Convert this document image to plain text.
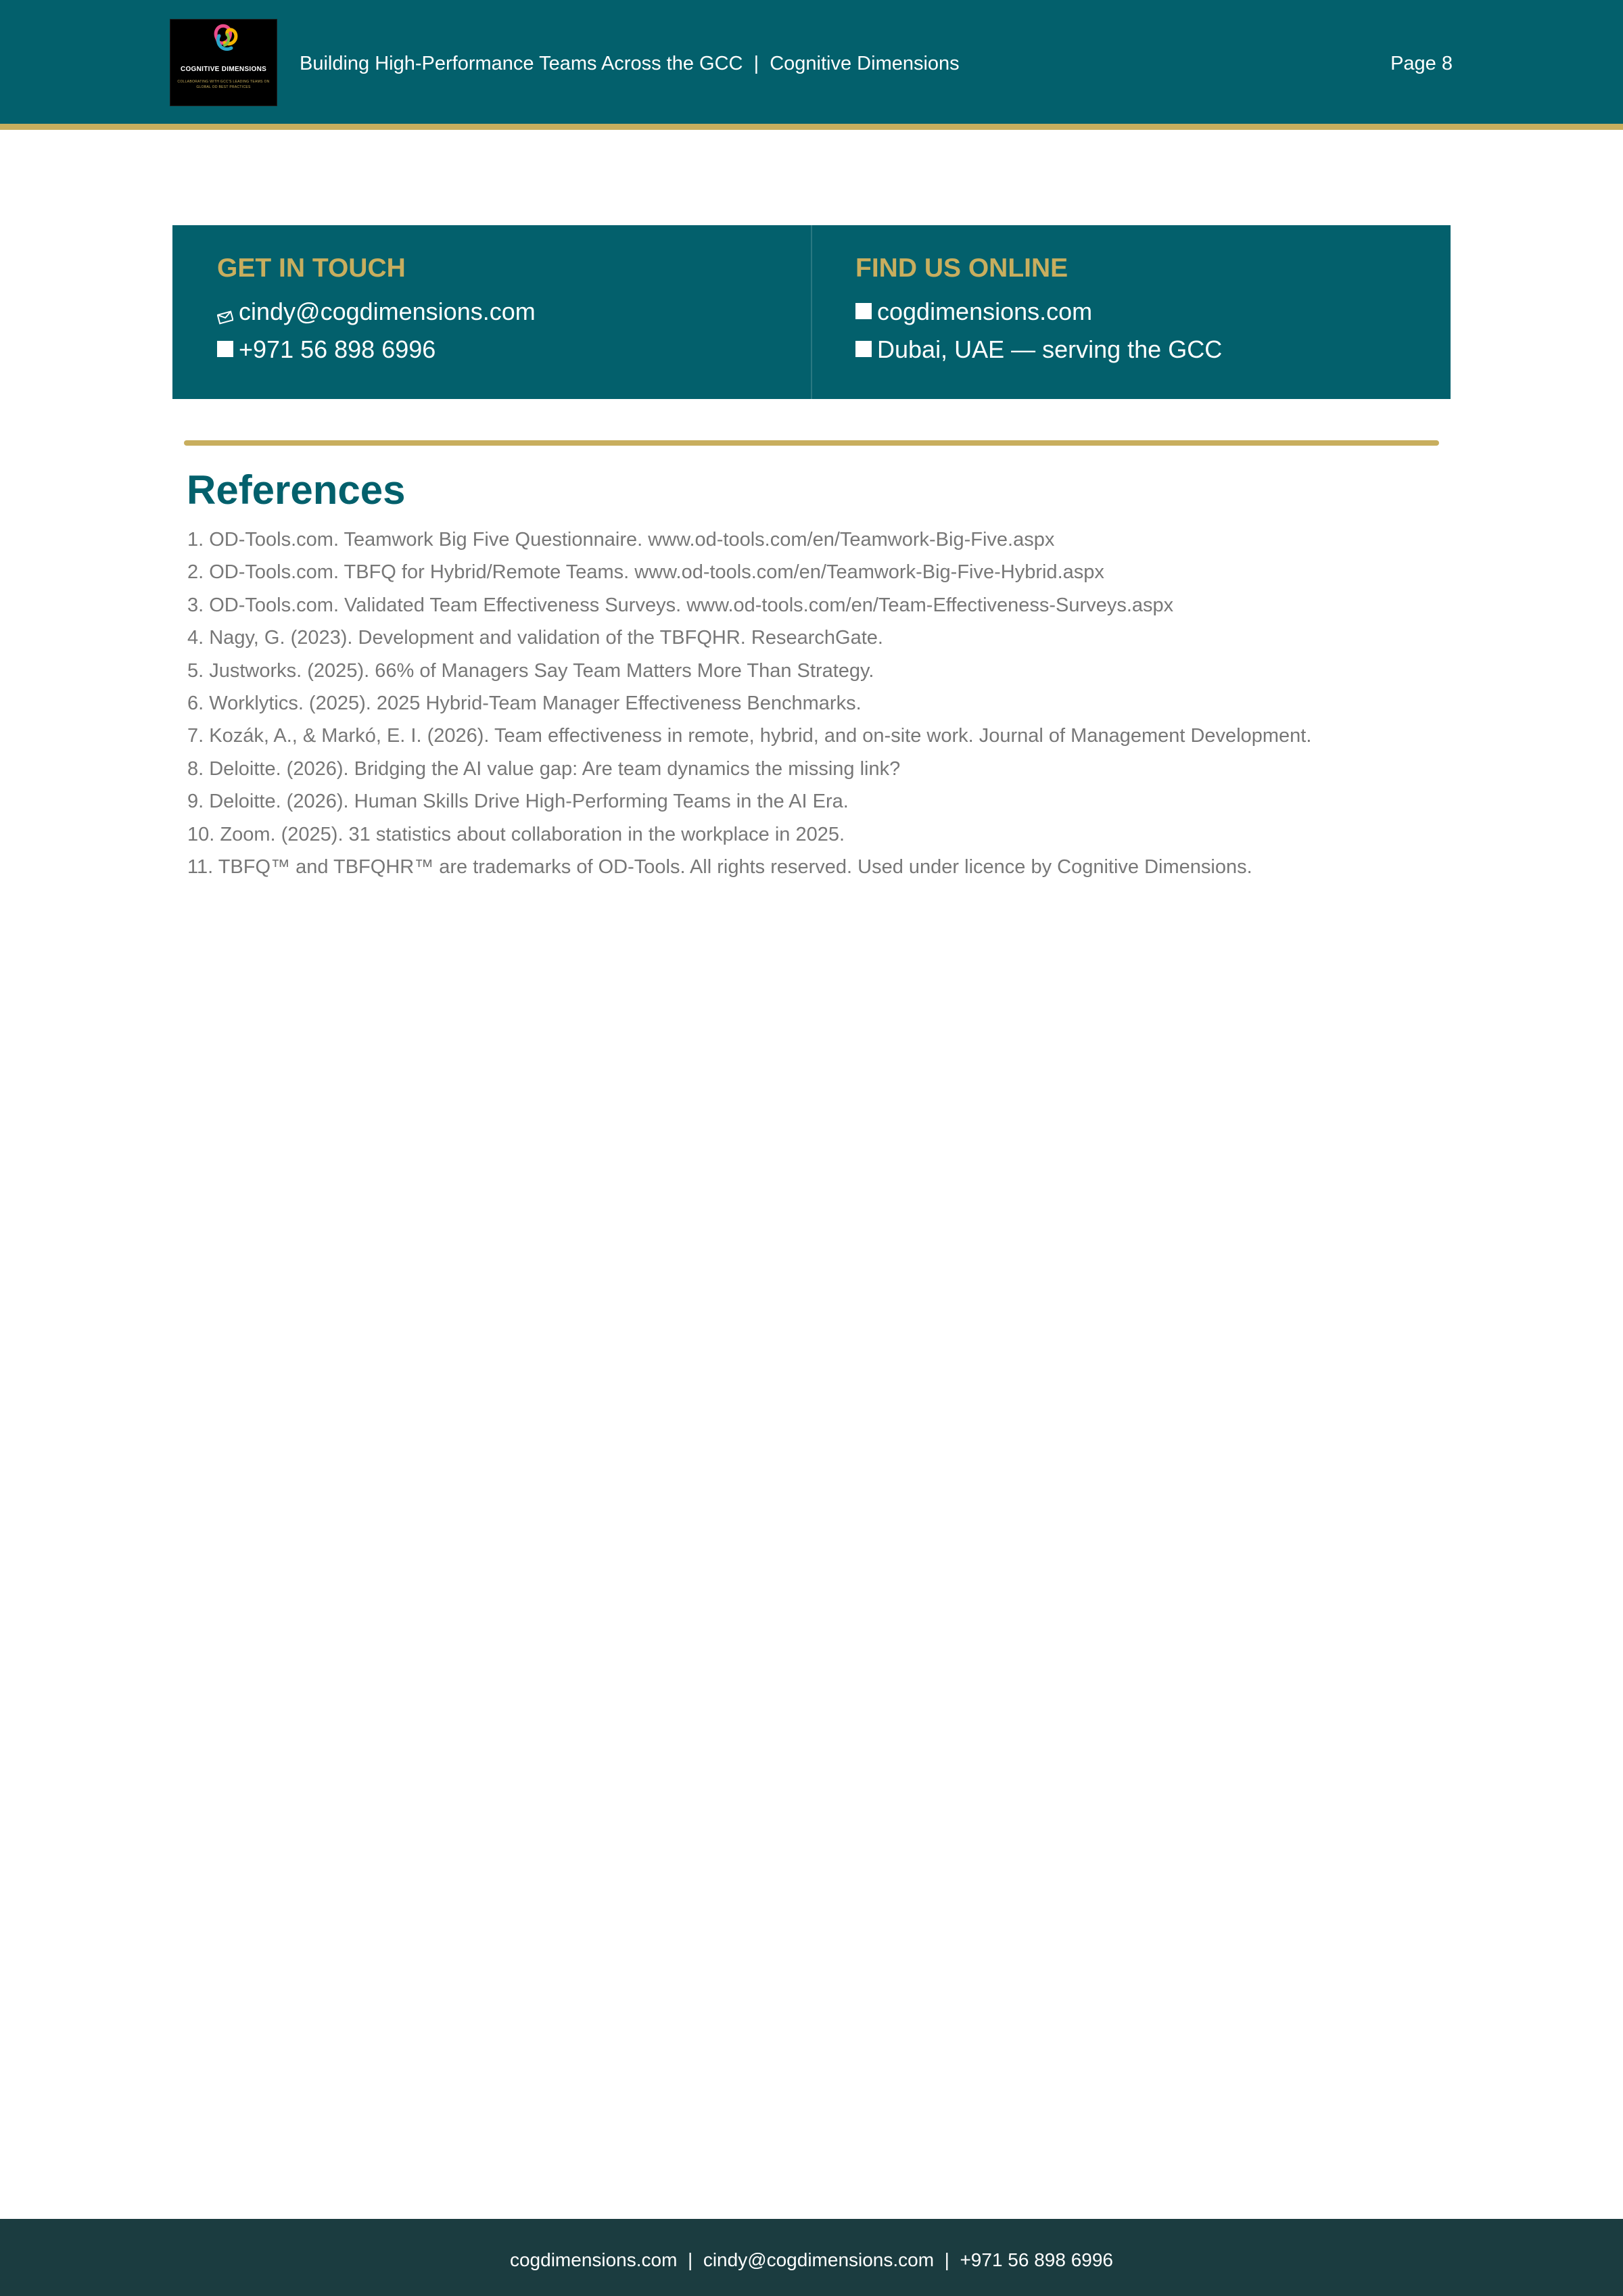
COGNITIVE DIMENSIONS
COLLABORATING WITH GCC'S LEADING TEAMS ON GLOBAL OD BEST PRACTICES
Building High-Performance Teams Across the GCC  |  Cognitive Dimensions	Page 8
GET IN TOUCH
cindy@cogdimensions.com
+971 56 898 6996
FIND US ONLINE
cogdimensions.com
Dubai, UAE — serving the GCC
References
1. OD-Tools.com. Teamwork Big Five Questionnaire. www.od-tools.com/en/Teamwork-Big-Five.aspx
2. OD-Tools.com. TBFQ for Hybrid/Remote Teams. www.od-tools.com/en/Teamwork-Big-Five-Hybrid.aspx
3. OD-Tools.com. Validated Team Effectiveness Surveys. www.od-tools.com/en/Team-Effectiveness-Surveys.aspx
4. Nagy, G. (2023). Development and validation of the TBFQHR. ResearchGate.
5. Justworks. (2025). 66% of Managers Say Team Matters More Than Strategy.
6. Worklytics. (2025). 2025 Hybrid-Team Manager Effectiveness Benchmarks.
7. Kozák, A., & Markó, E. I. (2026). Team effectiveness in remote, hybrid, and on-site work. Journal of Management Development.
8. Deloitte. (2026). Bridging the AI value gap: Are team dynamics the missing link?
9. Deloitte. (2026). Human Skills Drive High-Performing Teams in the AI Era.
10. Zoom. (2025). 31 statistics about collaboration in the workplace in 2025.
11. TBFQ™ and TBFQHR™ are trademarks of OD-Tools. All rights reserved. Used under licence by Cognitive Dimensions.
cogdimensions.com  |  cindy@cogdimensions.com  |  +971 56 898 6996
